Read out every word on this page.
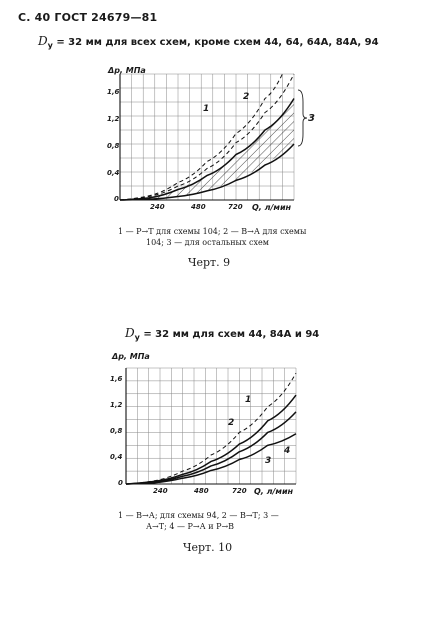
С. 40 ГОСТ 24679—81
$D_у = 32$ мм для всех схем, кроме схем 44, 64, 64А, 84А, 94
Δp, МПа
1,6
1,2
0,8
0,4
0
240	480	720 Q, л/мин
1
2
3
1 — Р→Т для схемы 104; 2 — В→А для схемы
104; 3 — для остальных схем
Черт. 9
$D_у = 32$ мм для схем 44, 84А и 94
Δp, МПа
1,6
1,2
0,8
0,4
0
240	480	720 Q, л/мин
1
2
3
4
1 — В→А; для схемы 94, 2 — В→Т; 3 —
А→Т; 4 — Р→А и Р→В
Черт. 10
